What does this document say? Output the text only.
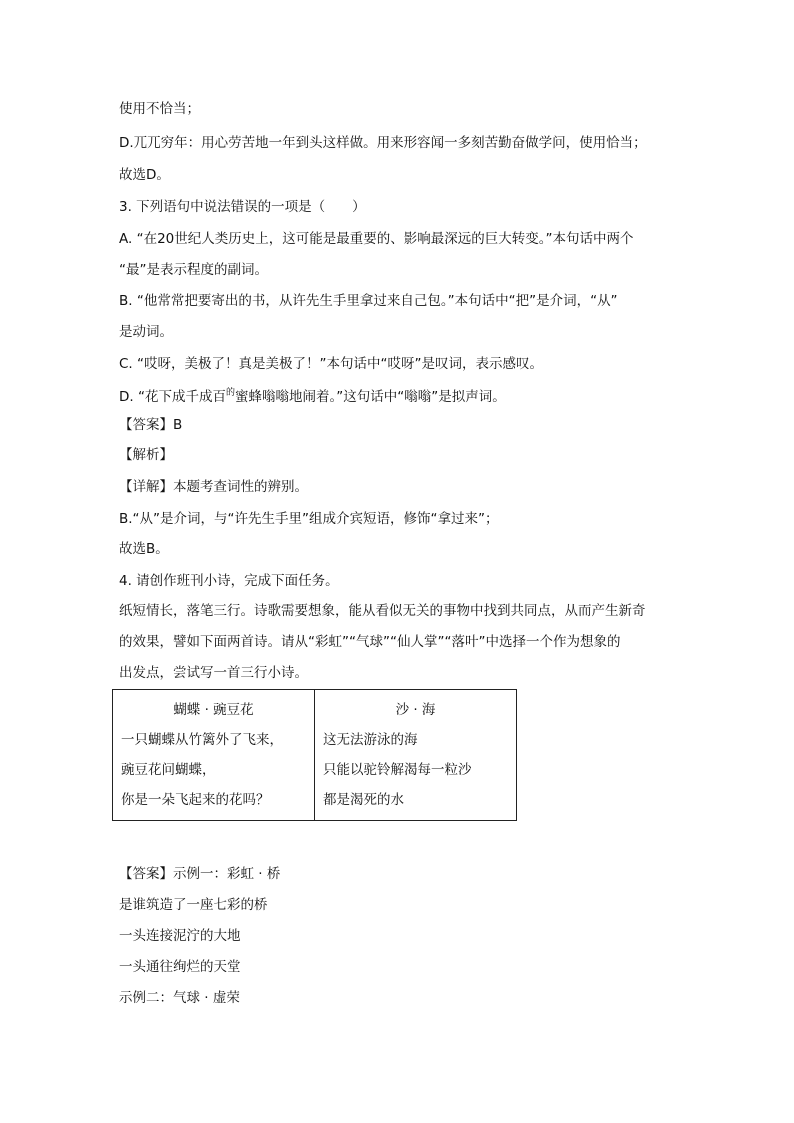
使用不恰当；
D.兀兀穷年：用心劳苦地一年到头这样做。用来形容闻一多刻苦勤奋做学问，使用恰当；
故选D。
3. 下列语句中说法错误的一项是（　　）
A. “在20世纪人类历史上，这可能是最重要的、影响最深远的巨大转变。”本句话中两个
“最”是表示程度的副词。
B. “他常常把要寄出的书，从许先生手里拿过来自己包。”本句话中“把”是介词，“从”
是动词。
C. “哎呀，美极了！真是美极了！”本句话中“哎呀”是叹词，表示感叹。
D. “花下成千成百$^的$蜜蜂嗡嗡地闹着。”这句话中“嗡嗡”是拟声词。
【答案】B
【解析】
【详解】本题考查词性的辨别。
B.“从”是介词，与“许先生手里”组成介宾短语，修饰“拿过来”；
故选B。
4. 请创作班刊小诗，完成下面任务。
纸短情长，落笔三行。诗歌需要想象，能从看似无关的事物中找到共同点，从而产生新奇
的效果，譬如下面两首诗。请从“彩虹”“气球”“仙人掌”“落叶”中选择一个作为想象的
出发点，尝试写一首三行小诗。
蝴蝶 · 豌豆花
一只蝴蝶从竹篱外了飞来，
豌豆花问蝴蝶，
你是一朵飞起来的花吗？

沙 · 海
这无法游泳的海
只能以驼铃解渴每一粒沙
都是渴死的水
【答案】示例一：彩虹 · 桥
是谁筑造了一座七彩的桥
一头连接泥泞的大地
一头通往绚烂的天堂
示例二：气球 · 虚荣
